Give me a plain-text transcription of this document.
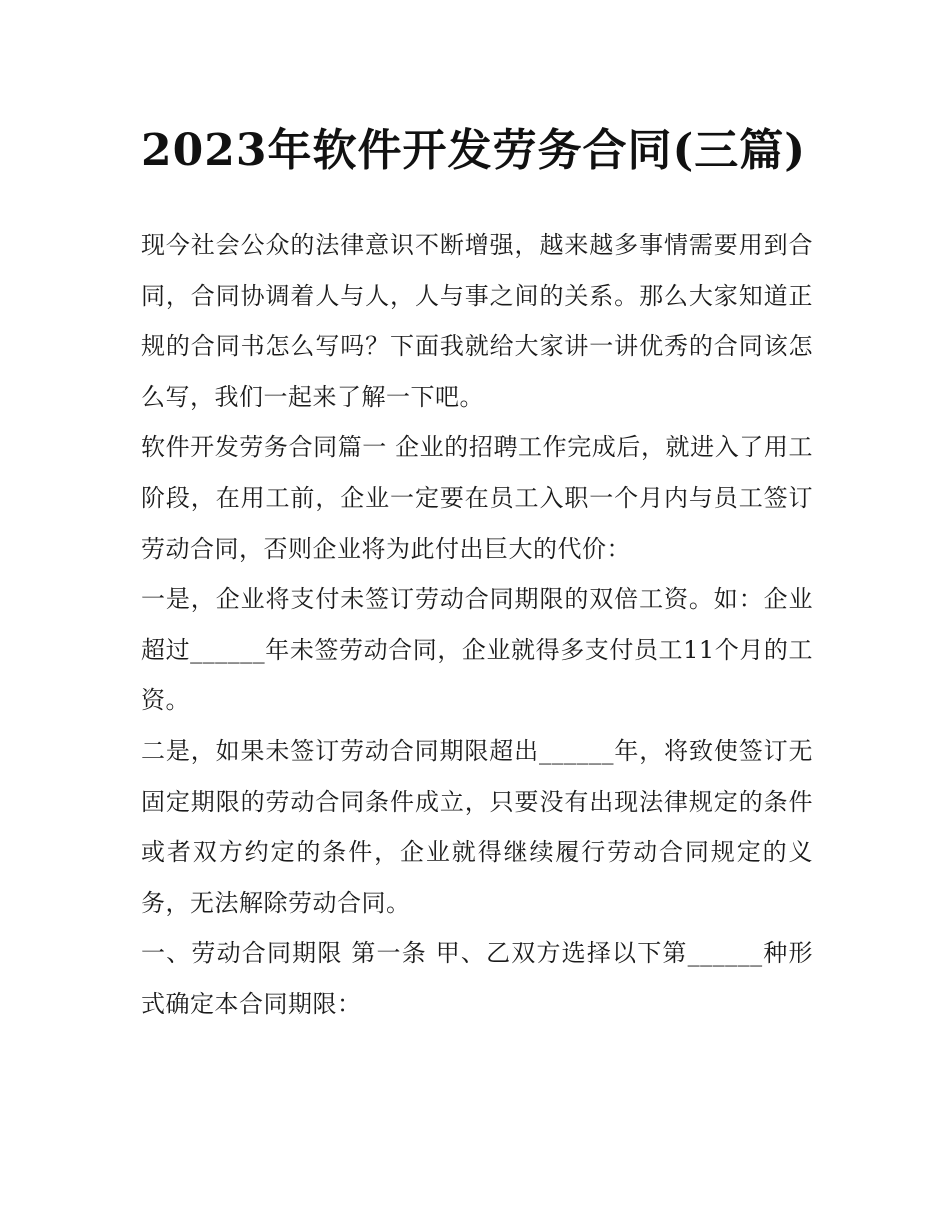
2023年软件开发劳务合同(三篇)

现今社会公众的法律意识不断增强，越来越多事情需要用到合同，合同协调着人与人，人与事之间的关系。那么大家知道正规的合同书怎么写吗？下面我就给大家讲一讲优秀的合同该怎么写，我们一起来了解一下吧。

软件开发劳务合同篇一 企业的招聘工作完成后，就进入了用工阶段，在用工前，企业一定要在员工入职一个月内与员工签订劳动合同，否则企业将为此付出巨大的代价：

一是，企业将支付未签订劳动合同期限的双倍工资。如：企业超过______年未签劳动合同，企业就得多支付员工11个月的工资。

二是，如果未签订劳动合同期限超出______年，将致使签订无固定期限的劳动合同条件成立，只要没有出现法律规定的条件或者双方约定的条件，企业就得继续履行劳动合同规定的义务，无法解除劳动合同。

一、劳动合同期限 第一条 甲、乙双方选择以下第______种形式确定本合同期限：
